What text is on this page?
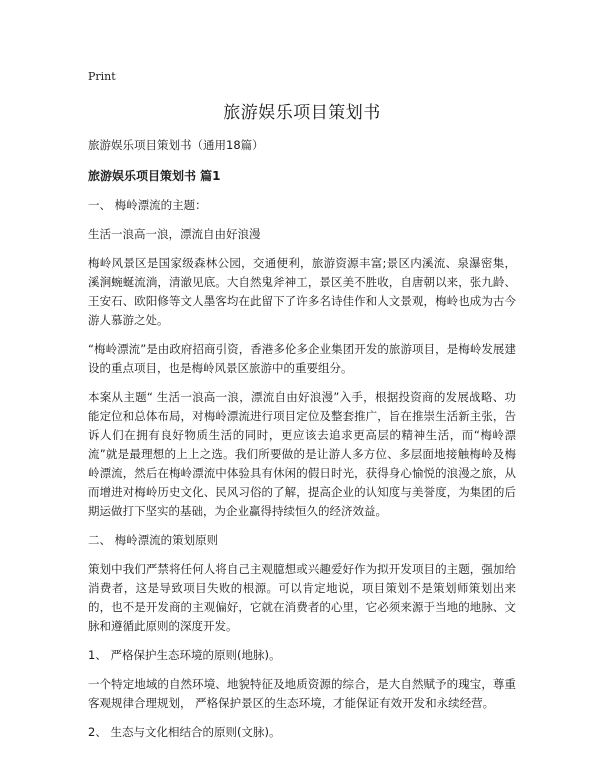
Print
旅游娱乐项目策划书

旅游娱乐项目策划书（通用18篇）

旅游娱乐项目策划书 篇1

一、 梅岭漂流的主题：

生活一浪高一浪，漂流自由好浪漫

梅岭风景区是国家级森林公园，交通便利，旅游资源丰富;景区内溪流、泉瀑密集，溪涧蜿蜒流淌，清澈见底。大自然鬼斧神工，景区美不胜收，自唐朝以来，张九龄、王安石、欧阳修等文人墨客均在此留下了许多名诗佳作和人文景观，梅岭也成为古今游人慕游之处。

“梅岭漂流”是由政府招商引资，香港多伦多企业集团开发的旅游项目，是梅岭发展建设的重点项目，也是梅岭风景区旅游中的重要组分。

本案从主题“ 生活一浪高一浪，漂流自由好浪漫”入手，根据投资商的发展战略、功能定位和总体布局，对梅岭漂流进行项目定位及整套推广，旨在推崇生活新主张，告诉人们在拥有良好物质生活的同时，更应该去追求更高层的精神生活，而“梅岭漂流”就是最理想的上上之选。我们所要做的是让游人多方位、多层面地接触梅岭及梅岭漂流，然后在梅岭漂流中体验具有休闲的假日时光，获得身心愉悦的浪漫之旅，从而增进对梅岭历史文化、民风习俗的了解，提高企业的认知度与美誉度，为集团的后期运做打下坚实的基础，为企业赢得持续恒久的经济效益。

二、 梅岭漂流的策划原则

策划中我们严禁将任何人将自己主观臆想或兴趣爱好作为拟开发项目的主题，强加给消费者，这是导致项目失败的根源。可以肯定地说，项目策划不是策划师策划出来的，也不是开发商的主观偏好，它就在消费者的心里，它必须来源于当地的地脉、文脉和遵循此原则的深度开发。

1、 严格保护生态环境的原则(地脉)。

一个特定地域的自然环境、地貌特征及地质资源的综合，是大自然赋予的瑰宝，尊重客观规律合理规划， 严格保护景区的生态环境，才能保证有效开发和永续经营。

2、 生态与文化相结合的原则(文脉)。
